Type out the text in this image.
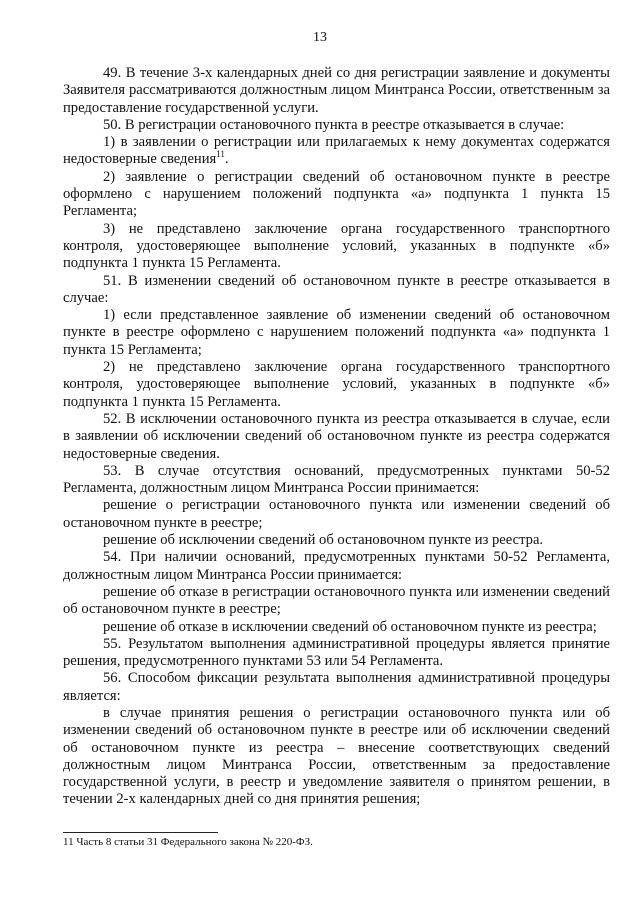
13

49. В течение 3-х календарных дней со дня регистрации заявление и документы Заявителя рассматриваются должностным лицом Минтранса России, ответственным за предоставление государственной услуги.

50. В регистрации остановочного пункта в реестре отказывается в случае:

1) в заявлении о регистрации или прилагаемых к нему документах содержатся недостоверные сведения$^{11}$.

2) заявление о регистрации сведений об остановочном пункте в реестре оформлено с нарушением положений подпункта «а» подпункта 1 пункта 15 Регламента;

3) не представлено заключение органа государственного транспортного контроля, удостоверяющее выполнение условий, указанных в подпункте «б» подпункта 1 пункта 15 Регламента.

51. В изменении сведений об остановочном пункте в реестре отказывается в случае:

1) если представленное заявление об изменении сведений об остановочном пункте в реестре оформлено с нарушением положений подпункта «а» подпункта 1 пункта 15 Регламента;

2) не представлено заключение органа государственного транспортного контроля, удостоверяющее выполнение условий, указанных в подпункте «б» подпункта 1 пункта 15 Регламента.

52. В исключении остановочного пункта из реестра отказывается в случае, если в заявлении об исключении сведений об остановочном пункте из реестра содержатся недостоверные сведения.

53. В случае отсутствия оснований, предусмотренных пунктами 50-52 Регламента, должностным лицом Минтранса России принимается:

решение о регистрации остановочного пункта или изменении сведений об остановочном пункте в реестре;

решение об исключении сведений об остановочном пункте из реестра.

54. При наличии оснований, предусмотренных пунктами 50-52 Регламента, должностным лицом Минтранса России принимается:

решение об отказе в регистрации остановочного пункта или изменении сведений об остановочном пункте в реестре;

решение об отказе в исключении сведений об остановочном пункте из реестра;

55. Результатом выполнения административной процедуры является принятие решения, предусмотренного пунктами 53 или 54 Регламента.

56. Способом фиксации результата выполнения административной процедуры является:

в случае принятия решения о регистрации остановочного пункта или об изменении сведений об остановочном пункте в реестре или об исключении сведений об остановочном пункте из реестра – внесение соответствующих сведений должностным лицом Минтранса России, ответственным за предоставление государственной услуги, в реестр и уведомление заявителя о принятом решении, в течении 2-х календарных дней со дня принятия решения;

11 Часть 8 статьи 31 Федерального закона № 220-ФЗ.
